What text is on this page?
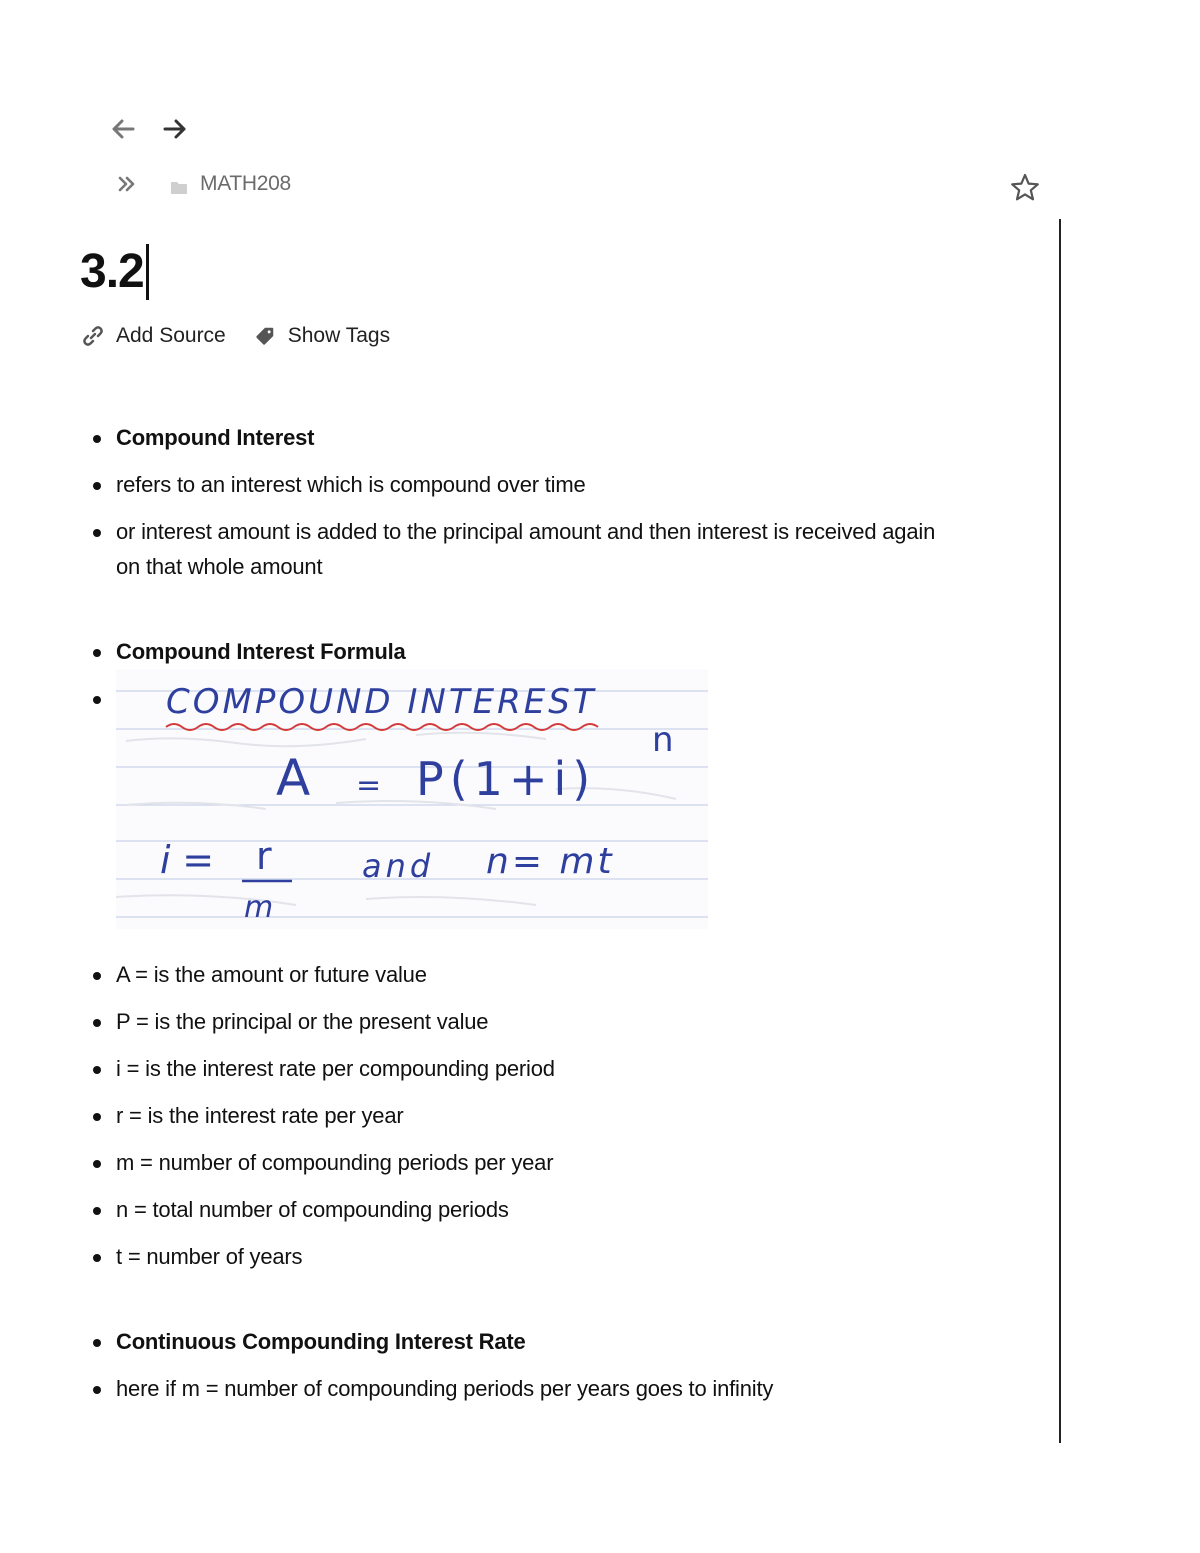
MATH208
3.2
Add Source	Show Tags
Compound Interest
refers to an interest which is compound over time
or interest amount is added to the principal amount and then interest is received again on that whole amount
Compound Interest Formula
COMPOUND INTEREST
A = P(1+i)
n
i = r
m
and n= mt
A = is the amount or future value
P = is the principal or the present value
i = is the interest rate per compounding period
r = is the interest rate per year
m = number of compounding periods per year
n = total number of compounding periods
t = number of years
Continuous Compounding Interest Rate
here if m = number of compounding periods per years goes to infinity
